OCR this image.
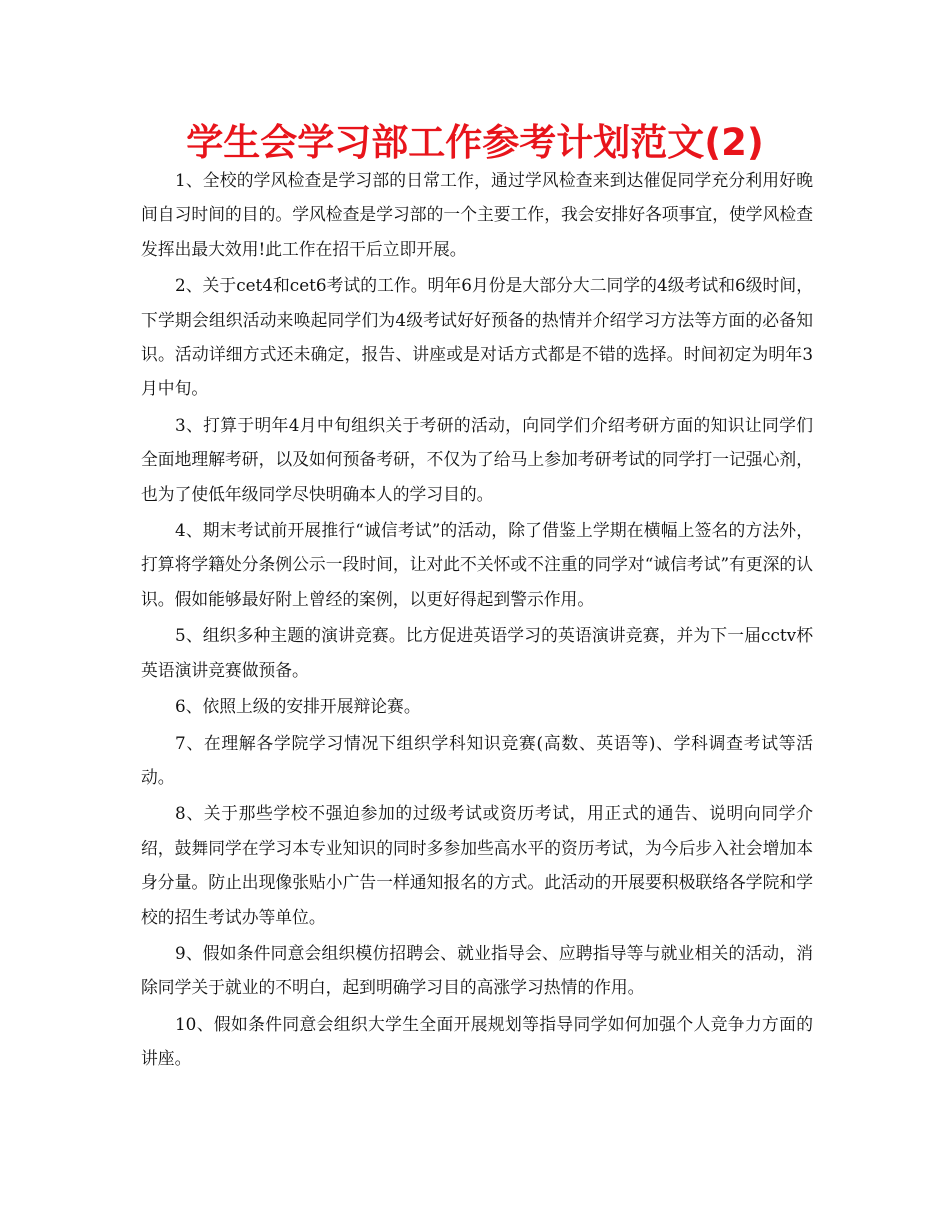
学生会学习部工作参考计划范文(2)

1、全校的学风检查是学习部的日常工作，通过学风检查来到达催促同学充分利用好晚间自习时间的目的。学风检查是学习部的一个主要工作，我会安排好各项事宜，使学风检查发挥出最大效用!此工作在招干后立即开展。

2、关于cet4和cet6考试的工作。明年6月份是大部分大二同学的4级考试和6级时间，下学期会组织活动来唤起同学们为4级考试好好预备的热情并介绍学习方法等方面的必备知识。活动详细方式还未确定，报告、讲座或是对话方式都是不错的选择。时间初定为明年3月中旬。

3、打算于明年4月中旬组织关于考研的活动，向同学们介绍考研方面的知识让同学们全面地理解考研，以及如何预备考研，不仅为了给马上参加考研考试的同学打一记强心剂，也为了使低年级同学尽快明确本人的学习目的。

4、期末考试前开展推行“诚信考试”的活动，除了借鉴上学期在横幅上签名的方法外，打算将学籍处分条例公示一段时间，让对此不关怀或不注重的同学对“诚信考试”有更深的认识。假如能够最好附上曾经的案例，以更好得起到警示作用。

5、组织多种主题的演讲竞赛。比方促进英语学习的英语演讲竞赛，并为下一届cctv杯英语演讲竞赛做预备。

6、依照上级的安排开展辩论赛。

7、在理解各学院学习情况下组织学科知识竞赛(高数、英语等)、学科调查考试等活动。

8、关于那些学校不强迫参加的过级考试或资历考试，用正式的通告、说明向同学介绍，鼓舞同学在学习本专业知识的同时多参加些高水平的资历考试，为今后步入社会增加本身分量。防止出现像张贴小广告一样通知报名的方式。此活动的开展要积极联络各学院和学校的招生考试办等单位。

9、假如条件同意会组织模仿招聘会、就业指导会、应聘指导等与就业相关的活动，消除同学关于就业的不明白，起到明确学习目的高涨学习热情的作用。

10、假如条件同意会组织大学生全面开展规划等指导同学如何加强个人竞争力方面的讲座。
